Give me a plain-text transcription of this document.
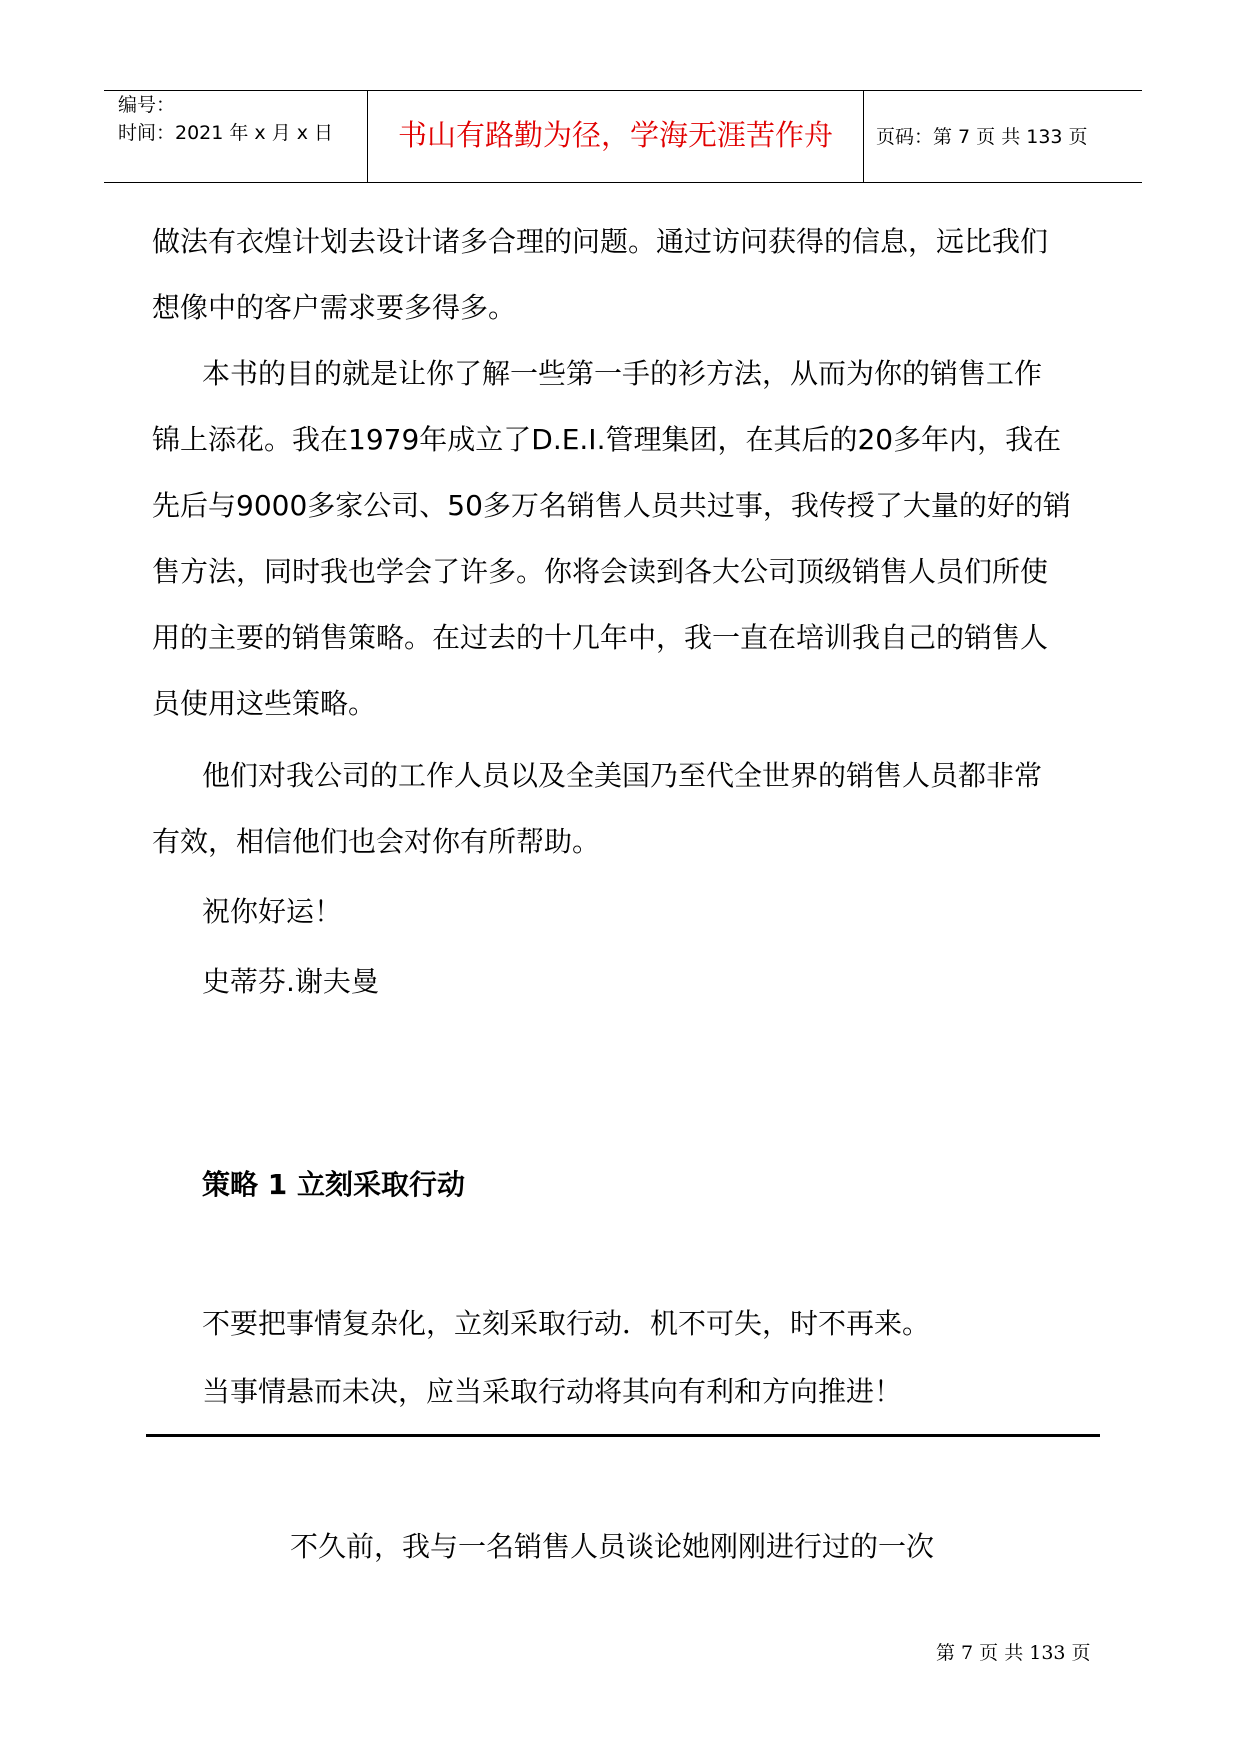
编号：
时间：2021 年 x 月 x 日	书山有路勤为径，学海无涯苦作舟	页码：第 7 页 共 133 页
做法有衣煌计划去设计诸多合理的问题。通过访问获得的信息，远比我们
想像中的客户需求要多得多。
本书的目的就是让你了解一些第一手的衫方法，从而为你的销售工作
锦上添花。我在1979年成立了D.E.I.管理集团，在其后的20多年内，我在
先后与9000多家公司、50多万名销售人员共过事，我传授了大量的好的销
售方法，同时我也学会了许多。你将会读到各大公司顶级销售人员们所使
用的主要的销售策略。在过去的十几年中，我一直在培训我自己的销售人
员使用这些策略。
他们对我公司的工作人员以及全美国乃至代全世界的销售人员都非常
有效，相信他们也会对你有所帮助。
祝你好运！
史蒂芬.谢夫曼
策略 1 立刻采取行动
不要把事情复杂化，立刻采取行动．机不可失，时不再来。
当事情悬而未决，应当采取行动将其向有利和方向推进！
不久前，我与一名销售人员谈论她刚刚进行过的一次
第 7 页 共 133 页
